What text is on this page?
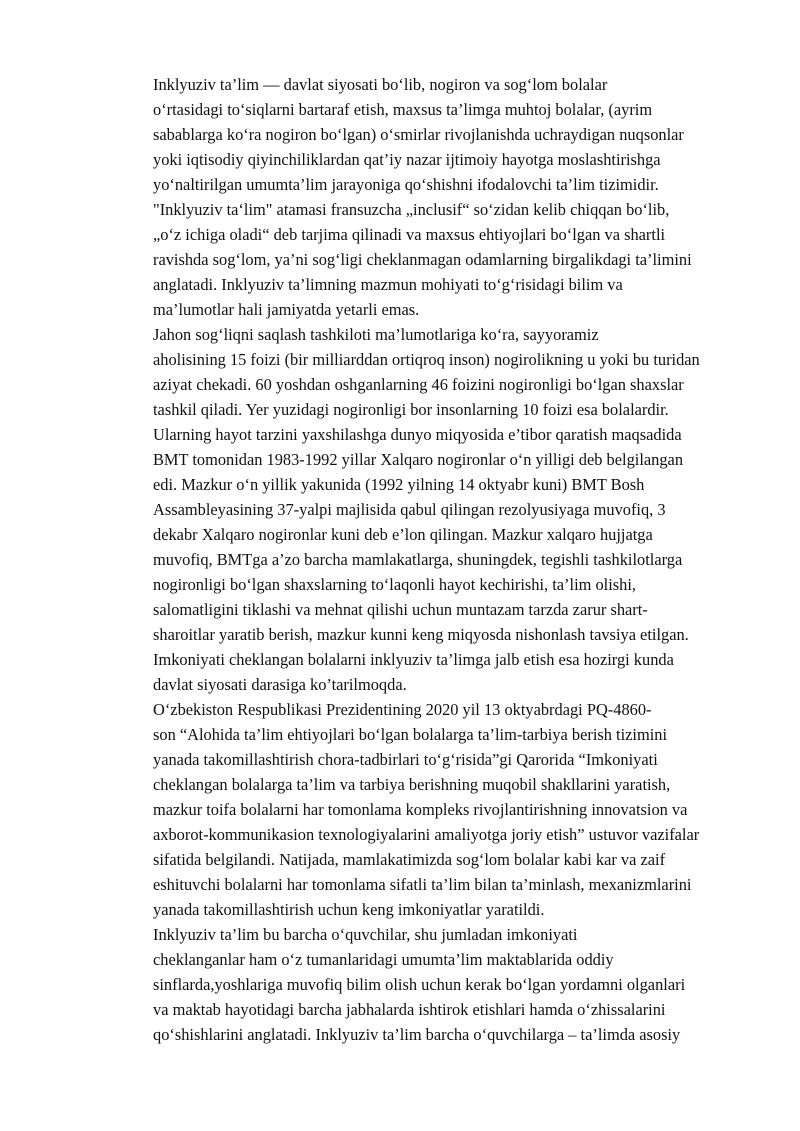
Inklyuziv ta’lim — davlat siyosati bo‘lib, nogiron va sog‘lom bolalar
o‘rtasidagi to‘siqlarni bartaraf etish, maxsus ta’limga muhtoj bolalar, (ayrim
sabablarga ko‘ra nogiron bo‘lgan) o‘smirlar rivojlanishda uchraydigan nuqsonlar
yoki iqtisodiy qiyinchiliklardan qat’iy nazar ijtimoiy hayotga moslashtirishga
yo‘naltirilgan umumta’lim jarayoniga qo‘shishni ifodalovchi ta’lim tizimidir.
"Inklyuziv ta‘lim" atamasi fransuzcha „inclusif“ so‘zidan kelib chiqqan bo‘lib,
„o‘z ichiga oladi“ deb tarjima qilinadi va maxsus ehtiyojlari bo‘lgan va shartli
ravishda sog‘lom, ya’ni sog‘ligi cheklanmagan odamlarning birgalikdagi ta’limini
anglatadi. Inklyuziv ta’limning mazmun mohiyati to‘g‘risidagi bilim va
ma’lumotlar hali jamiyatda yetarli emas.

Jahon sog‘liqni saqlash tashkiloti ma’lumotlariga ko‘ra, sayyoramiz
aholisining 15 foizi (bir milliarddan ortiqroq inson) nogirolikning u yoki bu turidan
aziyat chekadi. 60 yoshdan oshganlarning 46 foizini nogironligi bo‘lgan shaxslar
tashkil qiladi. Yer yuzidagi nogironligi bor insonlarning 10 foizi esa bolalardir.
Ularning hayot tarzini yaxshilashga dunyo miqyosida e’tibor qaratish maqsadida
BMT tomonidan 1983-1992 yillar Xalqaro nogironlar o‘n yilligi deb belgilangan
edi. Mazkur o‘n yillik yakunida (1992 yilning 14 oktyabr kuni) BMT Bosh
Assambleyasining 37-yalpi majlisida qabul qilingan rezolyusiyaga muvofiq, 3
dekabr Xalqaro nogironlar kuni deb e’lon qilingan. Mazkur xalqaro hujjatga
muvofiq, BMTga a’zo barcha mamlakatlarga, shuningdek, tegishli tashkilotlarga
nogironligi bo‘lgan shaxslarning to‘laqonli hayot kechirishi, ta’lim olishi,
salomatligini tiklashi va mehnat qilishi uchun muntazam tarzda zarur shart-
sharoitlar yaratib berish, mazkur kunni keng miqyosda nishonlash tavsiya etilgan.
Imkoniyati cheklangan bolalarni inklyuziv ta’limga jalb etish esa hozirgi kunda
davlat siyosati darasiga ko’tarilmoqda.

O‘zbekiston Respublikasi Prezidentining 2020 yil 13 oktyabrdagi PQ-4860-
son “Alohida ta’lim ehtiyojlari bo‘lgan bolalarga ta’lim-tarbiya berish tizimini
yanada takomillashtirish chora-tadbirlari to‘g‘risida”gi Qarorida “Imkoniyati
cheklangan bolalarga ta’lim va tarbiya berishning muqobil shakllarini yaratish,
mazkur toifa bolalarni har tomonlama kompleks rivojlantirishning innovatsion va
axborot-kommunikasion texnologiyalarini amaliyotga joriy etish” ustuvor vazifalar
sifatida belgilandi. Natijada, mamlakatimizda sog‘lom bolalar kabi kar va zaif
eshituvchi bolalarni har tomonlama sifatli ta’lim bilan ta’minlash, mexanizmlarini
yanada takomillashtirish uchun keng imkoniyatlar yaratildi.

Inklyuziv ta’lim bu barcha o‘quvchilar, shu jumladan imkoniyati
cheklanganlar ham o‘z tumanlaridagi umumta’lim maktablarida oddiy
sinflarda,yoshlariga muvofiq bilim olish uchun kerak bo‘lgan yordamni olganlari
va maktab hayotidagi barcha jabhalarda ishtirok etishlari hamda o‘zhissalarini
qo‘shishlarini anglatadi. Inklyuziv ta’lim barcha o‘quvchilarga – ta’limda asosiy
